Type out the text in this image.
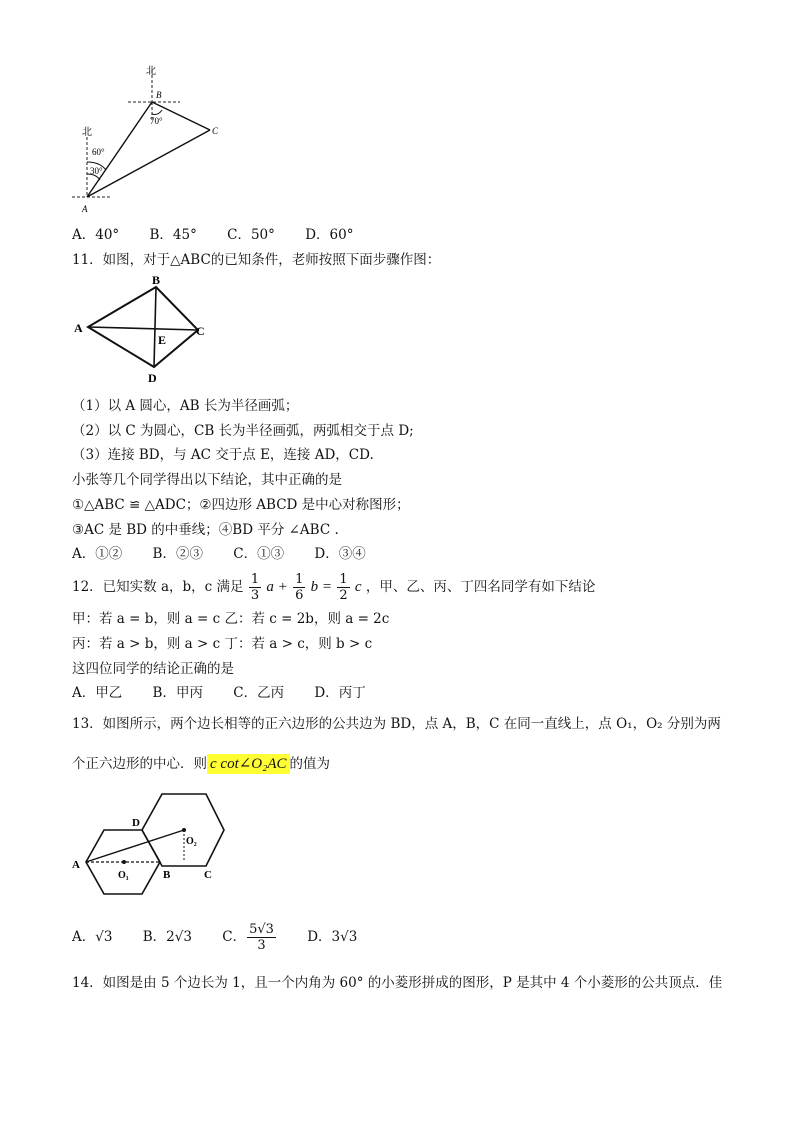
北
北
B
C
A
70°
60°
30°
A．40° B．45° C．50° D．60°
11．如图，对于△ABC的已知条件，老师按照下面步骤作图：
A
B
C
D
E
（1）以 A 圆心，AB 长为半径画弧；
（2）以 C 为圆心，CB 长为半径画弧，两弧相交于点 D;
（3）连接 BD，与 AC 交于点 E，连接 AD，CD.
小张等几个同学得出以下结论，其中正确的是
①△ABC ≌ △ADC；②四边形 ABCD 是中心对称图形；
③AC 是 BD 的中垂线；④BD 平分 ∠ABC .
A．①② B．②③ C．①③ D．③④
12．已知实数 a，b，c 满足 $\frac{1}{3}$ $a + \frac{1}{6}$ $b = \frac{1}{2}$ c ，甲、乙、丙、丁四名同学有如下结论
甲：若 a = b，则 a = c 乙：若 c = 2b，则 a = 2c
丙：若 a > b，则 a > c 丁：若 a > c，则 b > c
这四位同学的结论正确的是
A．甲乙 B．甲丙 C．乙丙 D．丙丁
13．如图所示，两个边长相等的正六边形的公共边为 BD，点 A，B，C 在同一直线上，点 O₁，O₂ 分别为两
个正六边形的中心．则 c cot∠O₂AC 的值为
A
B	C
D
O₁
O₂
A．√3 B．2√3 C． $\frac{5√3}{3}$ D．3√3
14．如图是由 5 个边长为 1，且一个内角为 60° 的小菱形拼成的图形，P 是其中 4 个小菱形的公共顶点．佳
